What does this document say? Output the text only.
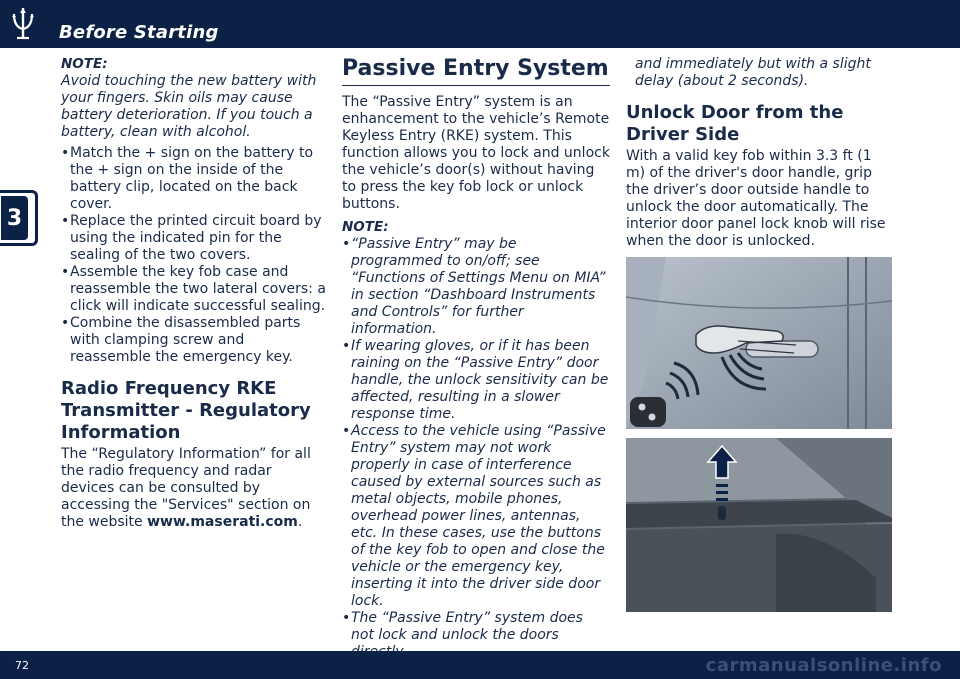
Before Starting
3
NOTE:
Avoid touching the new battery with your fingers. Skin oils may cause battery deterioration. If you touch a battery, clean with alcohol.
• Match the + sign on the battery to the + sign on the inside of the battery clip, located on the back cover.
• Replace the printed circuit board by using the indicated pin for the sealing of the two covers.
• Assemble the key fob case and reassemble the two lateral covers: a click will indicate successful sealing.
• Combine the disassembled parts with clamping screw and reassemble the emergency key.
Radio Frequency RKE Transmitter - Regulatory Information
The “Regulatory Information” for all the radio frequency and radar devices can be consulted by accessing the "Services" section on the website www.maserati.com.
Passive Entry System
The “Passive Entry” system is an enhancement to the vehicle’s Remote Keyless Entry (RKE) system. This function allows you to lock and unlock the vehicle’s door(s) without having to press the key fob lock or unlock buttons.
NOTE:
• “Passive Entry” may be programmed to on/off; see “Functions of Settings Menu on MIA” in section “Dashboard Instruments and Controls” for further information.
• If wearing gloves, or if it has been raining on the “Passive Entry” door handle, the unlock sensitivity can be affected, resulting in a slower response time.
• Access to the vehicle using “Passive Entry” system may not work properly in case of interference caused by external sources such as metal objects, mobile phones, overhead power lines, antennas, etc. In these cases, use the buttons of the key fob to open and close the vehicle or the emergency key, inserting it into the driver side door lock.
• The “Passive Entry” system does not lock and unlock the doors
and immediately but with a slight delay (about 2 seconds).
Unlock Door from the Driver Side
With a valid key fob within 3.3 ft (1 m) of the driver's door handle, grip the driver’s door outside handle to unlock the door automatically. The interior door panel lock knob will rise when the door is unlocked.
72	carmanualsonline.info
